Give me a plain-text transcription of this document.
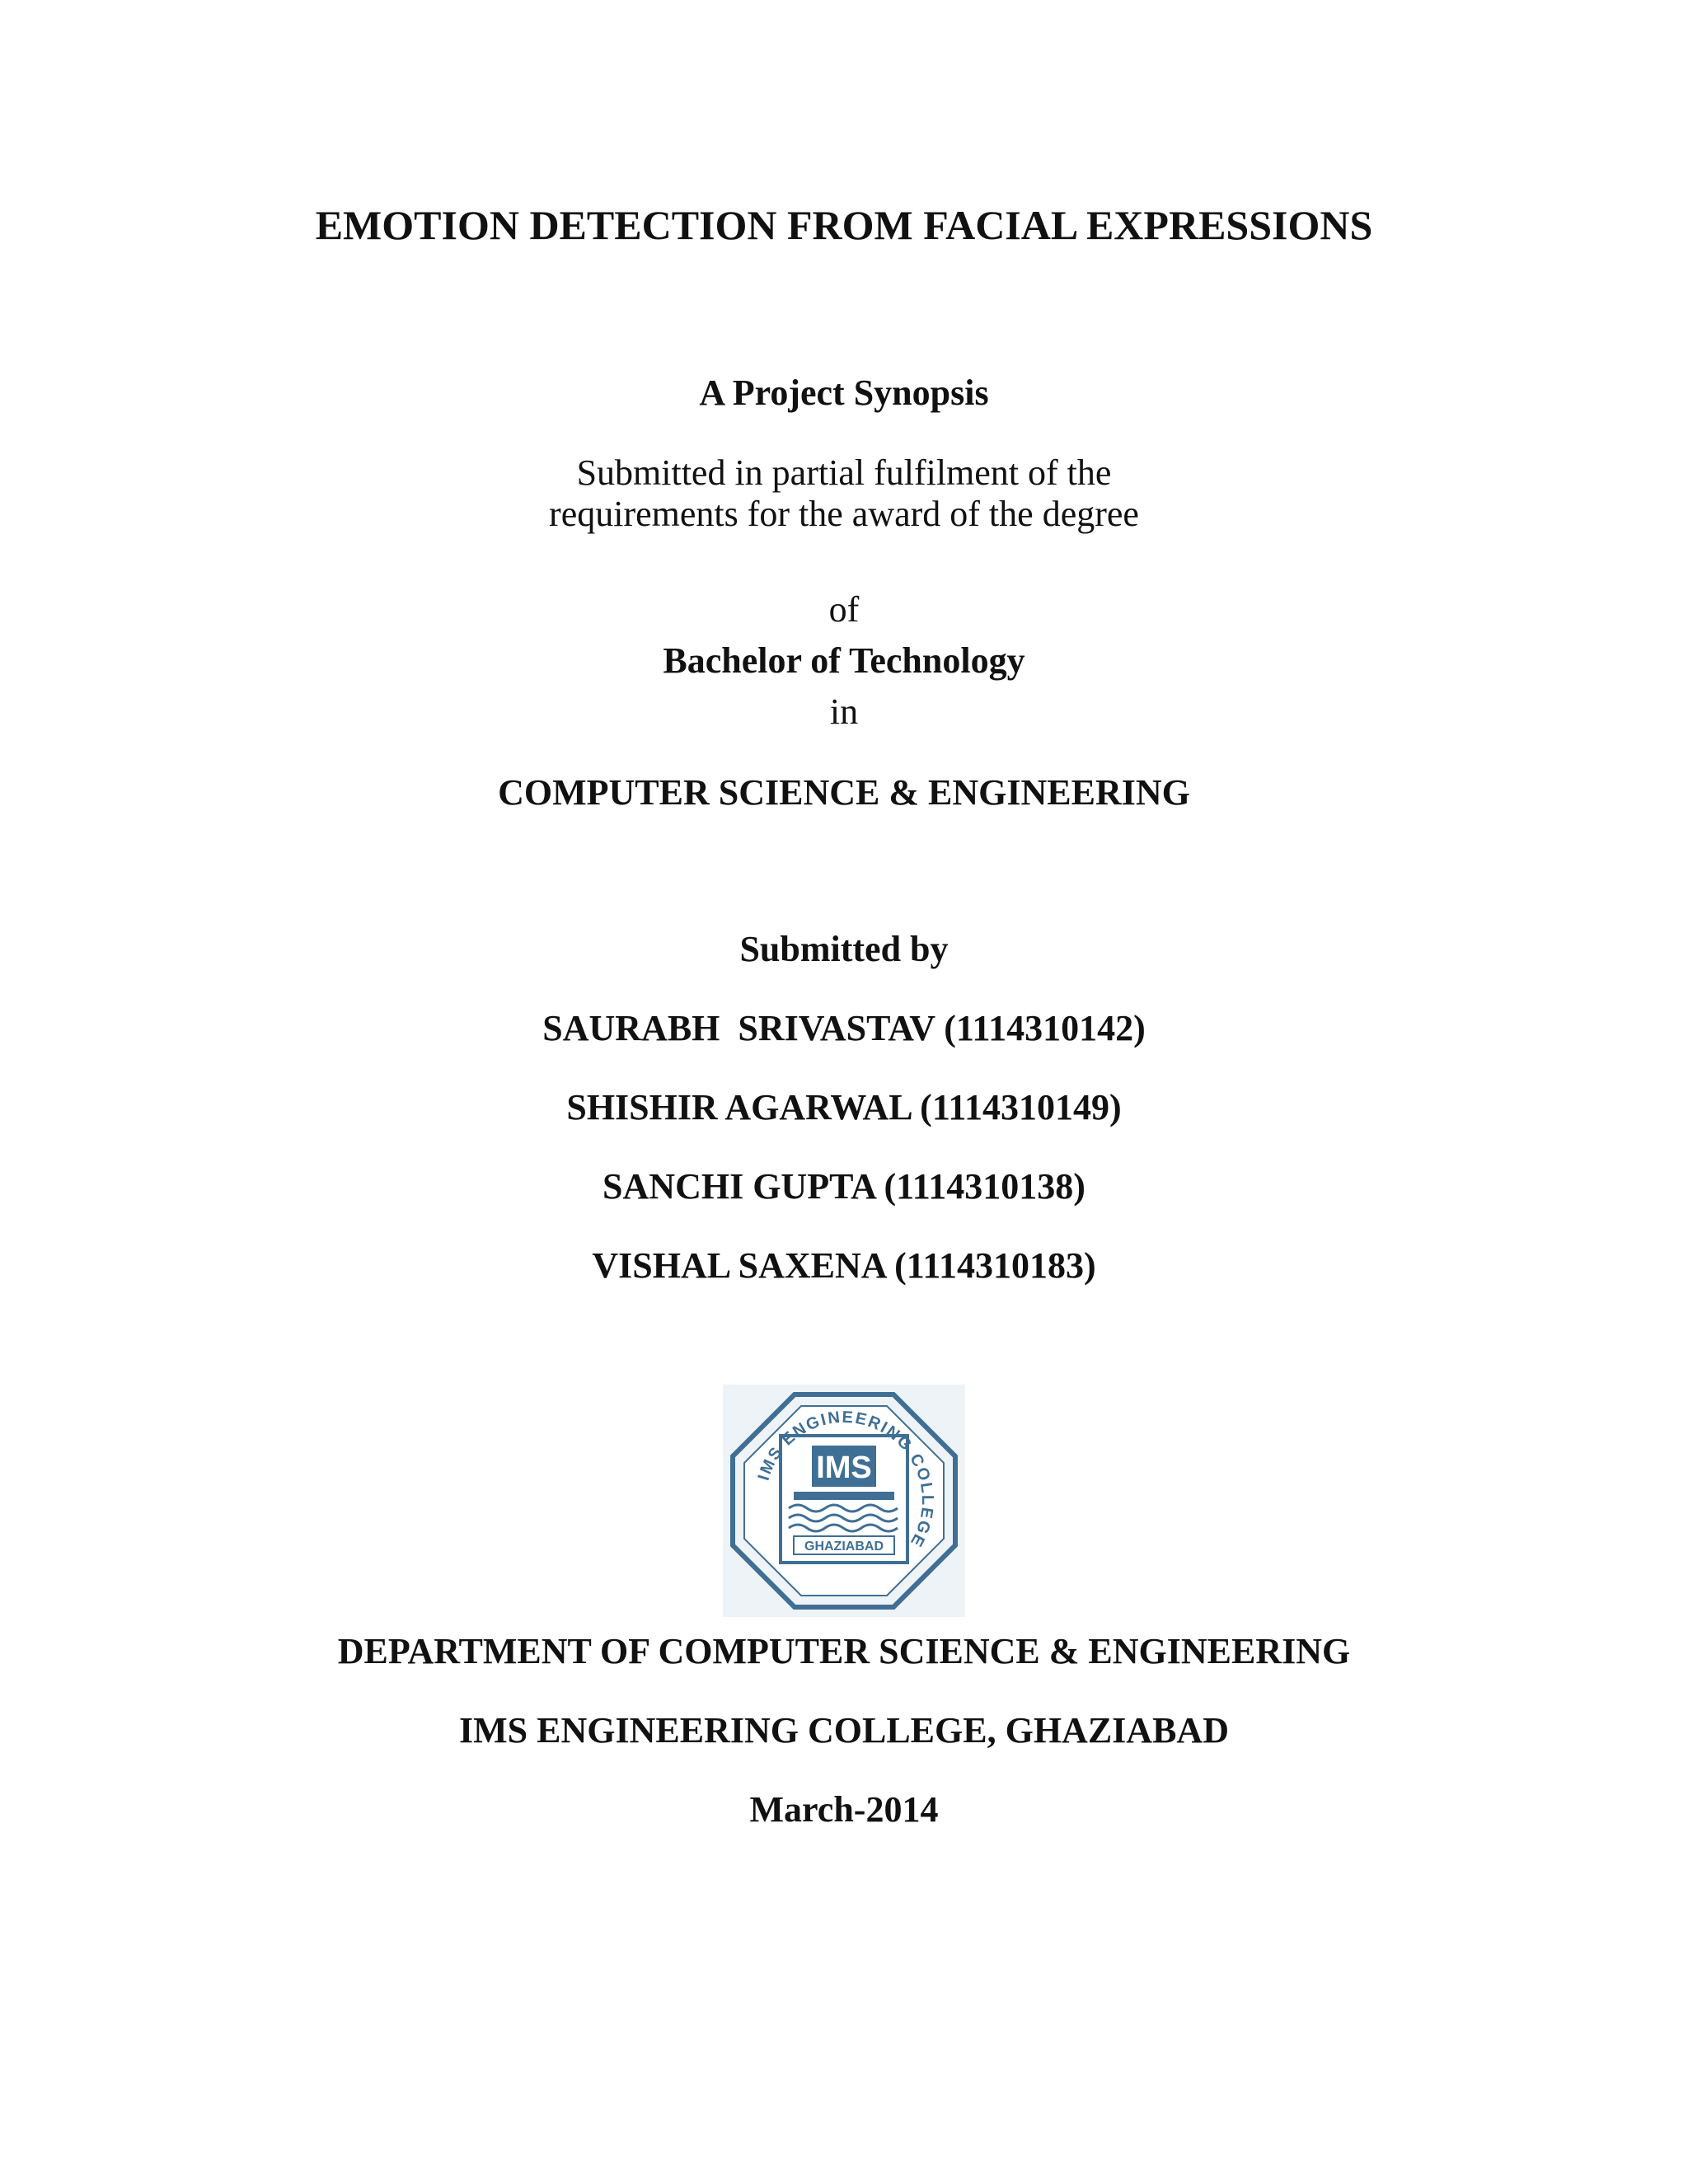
EMOTION DETECTION FROM FACIAL EXPRESSIONS
A Project Synopsis
Submitted in partial fulfilment of the
requirements for the award of the degree
of
Bachelor of Technology
in
COMPUTER SCIENCE & ENGINEERING
Submitted by
SAURABH  SRIVASTAV (1114310142)
SHISHIR AGARWAL (1114310149)
SANCHI GUPTA (1114310138)
VISHAL SAXENA (1114310183)
IMS
GHAZIABAD
IMS ENGINEERING COLLEGE
DEPARTMENT OF COMPUTER SCIENCE & ENGINEERING
IMS ENGINEERING COLLEGE, GHAZIABAD
March-2014
